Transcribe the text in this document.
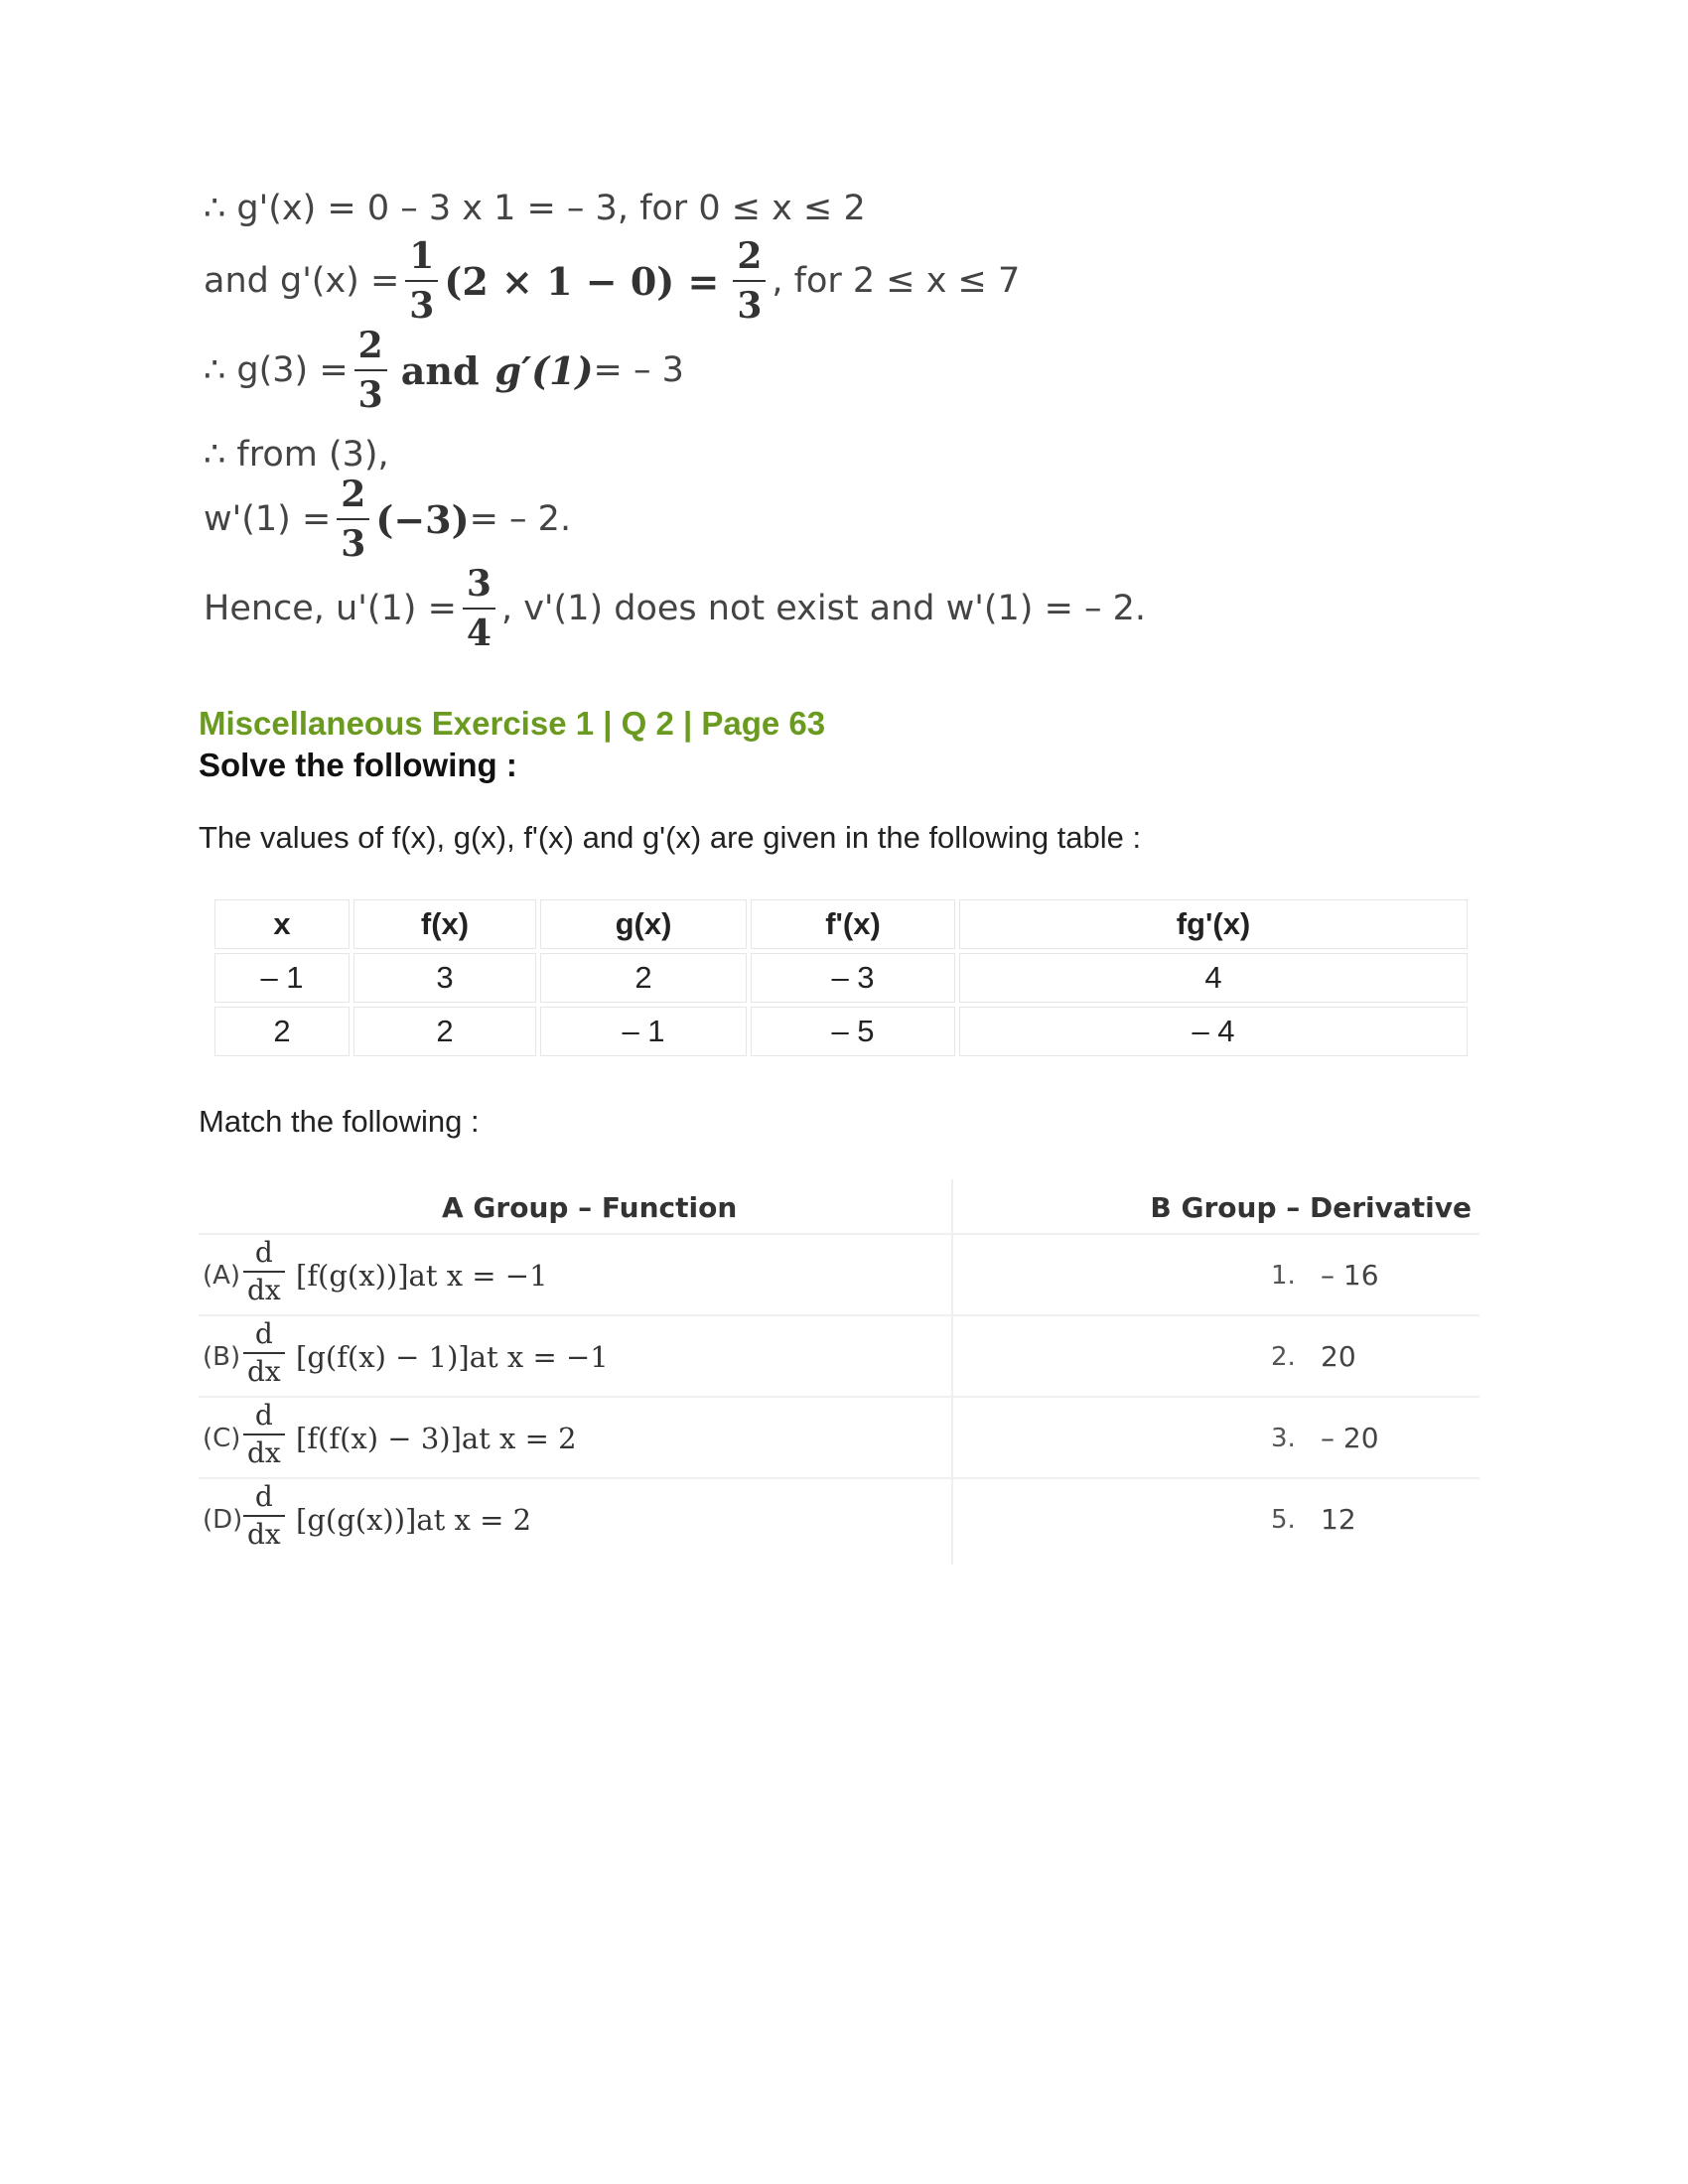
∴ g'(x) = 0 – 3 x 1 = – 3, for 0 ≤ x ≤ 2
and $g'(x) = \frac{1}{3} (2 \times 1 - 0) = \frac{2}{3}$ , for 2 ≤ x ≤ 7
∴ $g(3) = \frac{2}{3}$ and g′(1) = – 3
∴ from (3),
$w'(1) = \frac{2}{3} (-3)$ = – 2.
Hence, $u'(1) = \frac{3}{4}$ , v'(1) does not exist and w'(1) = – 2.
Miscellaneous Exercise 1 | Q 2 | Page 63
Solve the following :
The values of f(x), g(x), f'(x) and g'(x) are given in the following table :
x	f(x)	g(x)	f'(x)	fg'(x)
– 1	3	2	– 3	4
2	2	– 1	– 5	– 4
Match the following :
A Group – Function	B Group – Derivative
$(A) \frac{d}{dx} [f(g(x))]at$ x = −1	1. – 16
$(B) \frac{d}{dx} [g(f(x) - 1)]at$ x = −1	2. 20
$(C) \frac{d}{dx} [f(f(x) - 3)]at$ x = 2	3. – 20
$(D) \frac{d}{dx} [g(g(x))]at$ x = 2	5. 12
